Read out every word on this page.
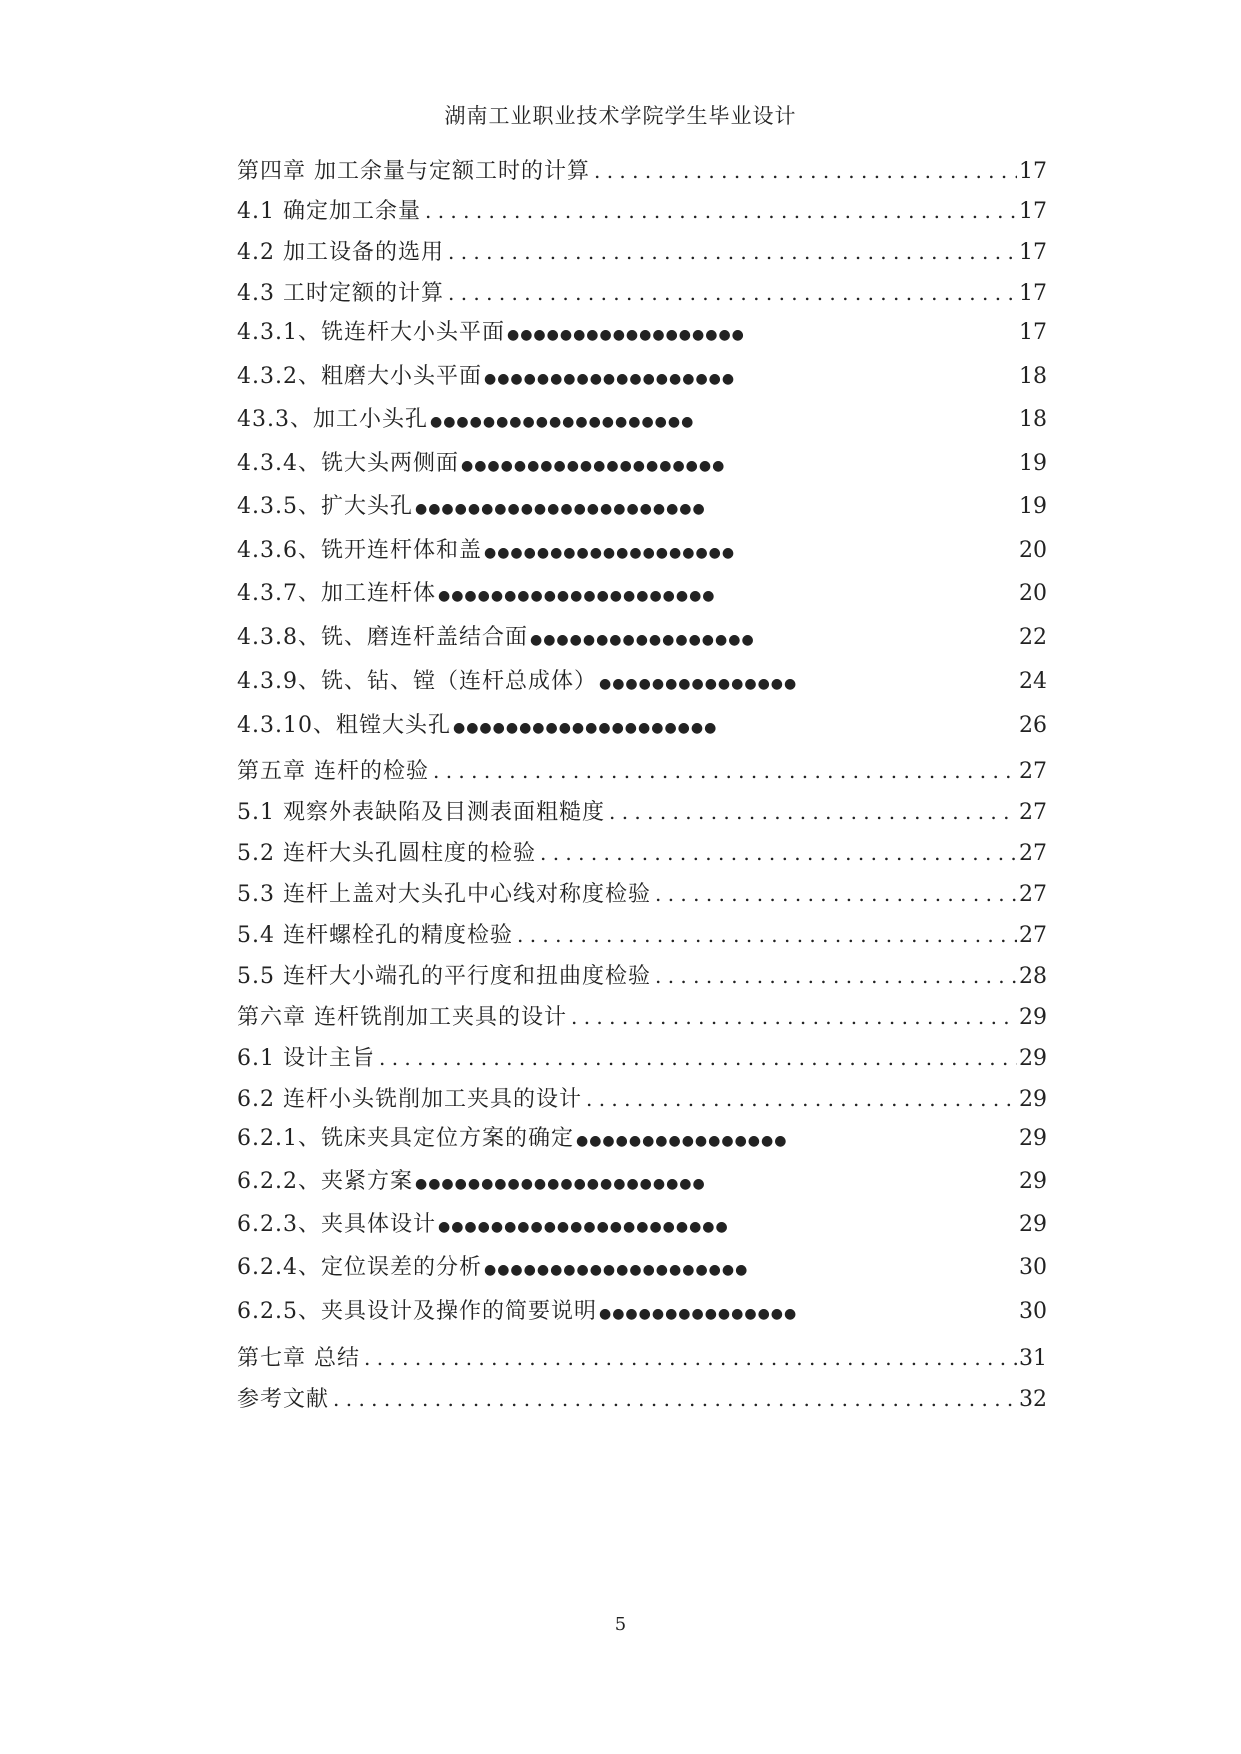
湖南工业职业技术学院学生毕业设计
第四章 加工余量与定额工时的计算 . . .	17
4.1 确定加工余量 . . .	17
4.2 加工设备的选用 . . .	17
4.3 工时定额的计算 . . .	17
4.3.1、铣连杆大小头平面 ●●●●●●●●●●●●●●●●●●	17
4.3.2、粗磨大小头平面 ●●●●●●●●●●●●●●●●●●●	18
43.3、加工小头孔 ●●●●●●●●●●●●●●●●●●●●	18
4.3.4、铣大头两侧面 ●●●●●●●●●●●●●●●●●●●●	19
4.3.5、扩大头孔 ●●●●●●●●●●●●●●●●●●●●●●	19
4.3.6、铣开连杆体和盖 ●●●●●●●●●●●●●●●●●●●	20
4.3.7、加工连杆体 ●●●●●●●●●●●●●●●●●●●●●	20
4.3.8、铣、磨连杆盖结合面 ●●●●●●●●●●●●●●●●●	22
4.3.9、铣、钻、镗（连杆总成体） ●●●●●●●●●●●●●●●	24
4.3.10、粗镗大头孔 ●●●●●●●●●●●●●●●●●●●●	26
第五章 连杆的检验 . . .	27
5.1 观察外表缺陷及目测表面粗糙度 . . .	27
5.2 连杆大头孔圆柱度的检验 . . .	27
5.3 连杆上盖对大头孔中心线对称度检验 . . .	27
5.4 连杆螺栓孔的精度检验 . . .	27
5.5 连杆大小端孔的平行度和扭曲度检验 . . .	28
第六章 连杆铣削加工夹具的设计 . . .	29
6.1 设计主旨 . . .	29
6.2 连杆小头铣削加工夹具的设计 . . .	29
6.2.1、铣床夹具定位方案的确定 ●●●●●●●●●●●●●●●●	29
6.2.2、夹紧方案 ●●●●●●●●●●●●●●●●●●●●●●	29
6.2.3、夹具体设计 ●●●●●●●●●●●●●●●●●●●●●●	29
6.2.4、定位误差的分析 ●●●●●●●●●●●●●●●●●●●●	30
6.2.5、夹具设计及操作的简要说明 ●●●●●●●●●●●●●●●	30
第七章 总结 . . .	31
参考文献 . . .	32
5
